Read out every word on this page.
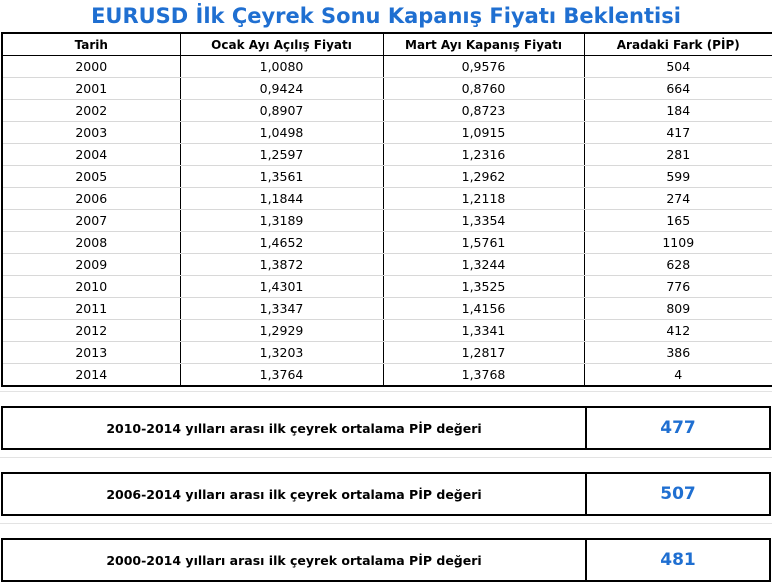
EURUSD İlk Çeyrek Sonu Kapanış Fiyatı Beklentisi
Tarih	Ocak Ayı Açılış Fiyatı	Mart Ayı Kapanış Fiyatı	Aradaki Fark (PİP)
2000	1,0080	0,9576	504
2001	0,9424	0,8760	664
2002	0,8907	0,8723	184
2003	1,0498	1,0915	417
2004	1,2597	1,2316	281
2005	1,3561	1,2962	599
2006	1,1844	1,2118	274
2007	1,3189	1,3354	165
2008	1,4652	1,5761	1109
2009	1,3872	1,3244	628
2010	1,4301	1,3525	776
2011	1,3347	1,4156	809
2012	1,2929	1,3341	412
2013	1,3203	1,2817	386
2014	1,3764	1,3768	4
2010-2014 yılları arası ilk çeyrek ortalama PİP değeri	477
2006-2014 yılları arası ilk çeyrek ortalama PİP değeri	507
2000-2014 yılları arası ilk çeyrek ortalama PİP değeri	481
